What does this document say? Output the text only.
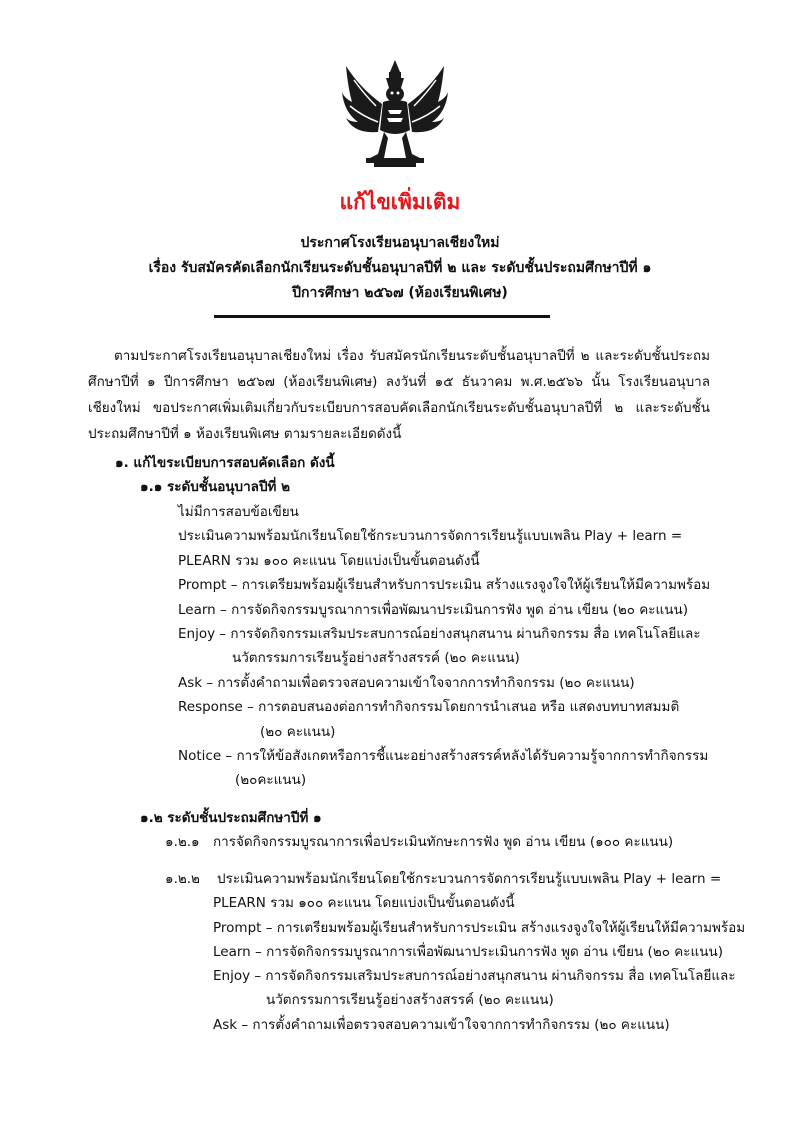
แก้ไขเพิ่มเติม
ประกาศโรงเรียนอนุบาลเชียงใหม่
เรื่อง รับสมัครคัดเลือกนักเรียนระดับชั้นอนุบาลปีที่ ๒ และ ระดับชั้นประถมศึกษาปีที่ ๑
ปีการศึกษา ๒๕๖๗ (ห้องเรียนพิเศษ)
ตามประกาศโรงเรียนอนุบาลเชียงใหม่ เรื่อง รับสมัครนักเรียนระดับชั้นอนุบาลปีที่ ๒ และระดับชั้นประถมศึกษาปีที่ ๑ ปีการศึกษา ๒๕๖๗ (ห้องเรียนพิเศษ) ลงวันที่ ๑๕ ธันวาคม พ.ศ.๒๕๖๖ นั้น โรงเรียนอนุบาลเชียงใหม่ ขอประกาศเพิ่มเติมเกี่ยวกับระเบียบการสอบคัดเลือกนักเรียนระดับชั้นอนุบาลปีที่ ๒ และระดับชั้นประถมศึกษาปีที่ ๑ ห้องเรียนพิเศษ ตามรายละเอียดดังนี้
๑. แก้ไขระเบียบการสอบคัดเลือก ดังนี้
๑.๑ ระดับชั้นอนุบาลปีที่ ๒
ไม่มีการสอบข้อเขียน
ประเมินความพร้อมนักเรียนโดยใช้กระบวนการจัดการเรียนรู้แบบเพลิน Play + learn =
PLEARN รวม ๑๐๐ คะแนน โดยแบ่งเป็นขั้นตอนดังนี้
Prompt – การเตรียมพร้อมผู้เรียนสำหรับการประเมิน สร้างแรงจูงใจให้ผู้เรียนให้มีความพร้อม
Learn – การจัดกิจกรรมบูรณาการเพื่อพัฒนาประเมินการฟัง พูด อ่าน เขียน (๒๐ คะแนน)
Enjoy – การจัดกิจกรรมเสริมประสบการณ์อย่างสนุกสนาน ผ่านกิจกรรม สื่อ เทคโนโลยีและ
นวัตกรรมการเรียนรู้อย่างสร้างสรรค์ (๒๐ คะแนน)
Ask – การตั้งคำถามเพื่อตรวจสอบความเข้าใจจากการทำกิจกรรม (๒๐ คะแนน)
Response – การตอบสนองต่อการทำกิจกรรมโดยการนำเสนอ หรือ แสดงบทบาทสมมติ
(๒๐ คะแนน)
Notice – การให้ข้อสังเกตหรือการชี้แนะอย่างสร้างสรรค์หลังได้รับความรู้จากการทำกิจกรรม
(๒๐คะแนน)
๑.๒ ระดับชั้นประถมศึกษาปีที่ ๑
๑.๒.๑ การจัดกิจกรรมบูรณาการเพื่อประเมินทักษะการฟัง พูด อ่าน เขียน (๑๐๐ คะแนน)
๑.๒.๒ ประเมินความพร้อมนักเรียนโดยใช้กระบวนการจัดการเรียนรู้แบบเพลิน Play + learn =
PLEARN รวม ๑๐๐ คะแนน โดยแบ่งเป็นขั้นตอนดังนี้
Prompt – การเตรียมพร้อมผู้เรียนสำหรับการประเมิน สร้างแรงจูงใจให้ผู้เรียนให้มีความพร้อม
Learn – การจัดกิจกรรมบูรณาการเพื่อพัฒนาประเมินการฟัง พูด อ่าน เขียน (๒๐ คะแนน)
Enjoy – การจัดกิจกรรมเสริมประสบการณ์อย่างสนุกสนาน ผ่านกิจกรรม สื่อ เทคโนโลยีและ
นวัตกรรมการเรียนรู้อย่างสร้างสรรค์ (๒๐ คะแนน)
Ask – การตั้งคำถามเพื่อตรวจสอบความเข้าใจจากการทำกิจกรรม (๒๐ คะแนน)
